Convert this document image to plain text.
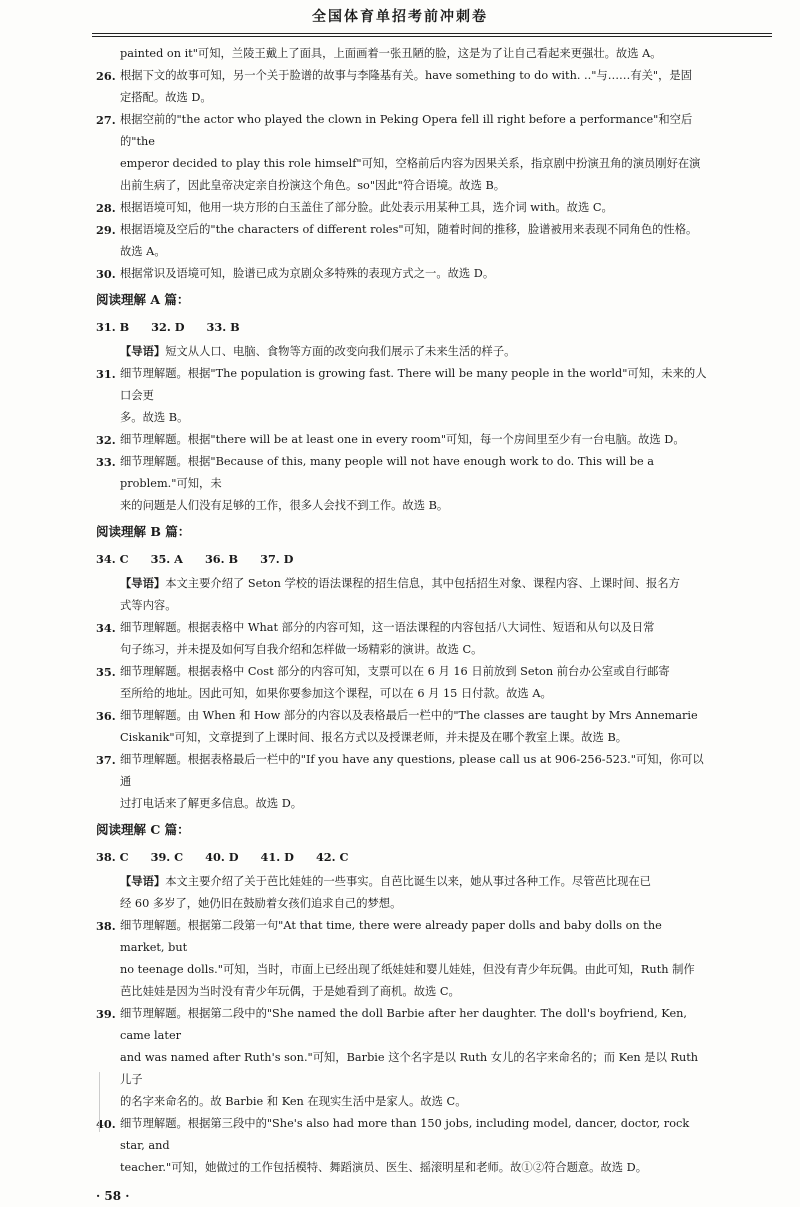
全国体育单招考前冲刺卷
painted on it"可知，兰陵王戴上了面具，上面画着一张丑陋的脸，这是为了让自己看起来更强壮。故选 A。
26. 根据下文的故事可知，另一个关于脸谱的故事与李隆基有关。have something to do with. .."与……有关"，是固
定搭配。故选 D。
27. 根据空前的"the actor who played the clown in Peking Opera fell ill right before a performance"和空后的"the
emperor decided to play this role himself"可知，空格前后内容为因果关系，指京剧中扮演丑角的演员刚好在演
出前生病了，因此皇帝决定亲自扮演这个角色。so"因此"符合语境。故选 B。
28. 根据语境可知，他用一块方形的白玉盖住了部分脸。此处表示用某种工具，选介词 with。故选 C。
29. 根据语境及空后的"the characters of different roles"可知，随着时间的推移，脸谱被用来表现不同角色的性格。
故选 A。
30. 根据常识及语境可知，脸谱已成为京剧众多特殊的表现方式之一。故选 D。
阅读理解 A 篇：
31. B 32. D 33. B
【导语】短文从人口、电脑、食物等方面的改变向我们展示了未来生活的样子。
31. 细节理解题。根据"The population is growing fast. There will be many people in the world"可知，未来的人口会更
多。故选 B。
32. 细节理解题。根据"there will be at least one in every room"可知，每一个房间里至少有一台电脑。故选 D。
33. 细节理解题。根据"Because of this, many people will not have enough work to do. This will be a problem."可知，未
来的问题是人们没有足够的工作，很多人会找不到工作。故选 B。
阅读理解 B 篇：
34. C 35. A 36. B 37. D
【导语】本文主要介绍了 Seton 学校的语法课程的招生信息，其中包括招生对象、课程内容、上课时间、报名方
式等内容。
34. 细节理解题。根据表格中 What 部分的内容可知，这一语法课程的内容包括八大词性、短语和从句以及日常
句子练习，并未提及如何写自我介绍和怎样做一场精彩的演讲。故选 C。
35. 细节理解题。根据表格中 Cost 部分的内容可知，支票可以在 6 月 16 日前放到 Seton 前台办公室或自行邮寄
至所给的地址。因此可知，如果你要参加这个课程，可以在 6 月 15 日付款。故选 A。
36. 细节理解题。由 When 和 How 部分的内容以及表格最后一栏中的"The classes are taught by Mrs Annemarie
Ciskanik"可知，文章提到了上课时间、报名方式以及授课老师，并未提及在哪个教室上课。故选 B。
37. 细节理解题。根据表格最后一栏中的"If you have any questions, please call us at 906-256-523."可知，你可以通
过打电话来了解更多信息。故选 D。
阅读理解 C 篇：
38. C 39. C 40. D 41. D 42. C
【导语】本文主要介绍了关于芭比娃娃的一些事实。自芭比诞生以来，她从事过各种工作。尽管芭比现在已
经 60 多岁了，她仍旧在鼓励着女孩们追求自己的梦想。
38. 细节理解题。根据第二段第一句"At that time, there were already paper dolls and baby dolls on the market, but
no teenage dolls."可知，当时，市面上已经出现了纸娃娃和婴儿娃娃，但没有青少年玩偶。由此可知，Ruth 制作
芭比娃娃是因为当时没有青少年玩偶，于是她看到了商机。故选 C。
39. 细节理解题。根据第二段中的"She named the doll Barbie after her daughter. The doll's boyfriend, Ken, came later
and was named after Ruth's son."可知，Barbie 这个名字是以 Ruth 女儿的名字来命名的；而 Ken 是以 Ruth 儿子
的名字来命名的。故 Barbie 和 Ken 在现实生活中是家人。故选 C。
40. 细节理解题。根据第三段中的"She's also had more than 150 jobs, including model, dancer, doctor, rock star, and
teacher."可知，她做过的工作包括模特、舞蹈演员、医生、摇滚明星和老师。故①②符合题意。故选 D。
· 58 ·
